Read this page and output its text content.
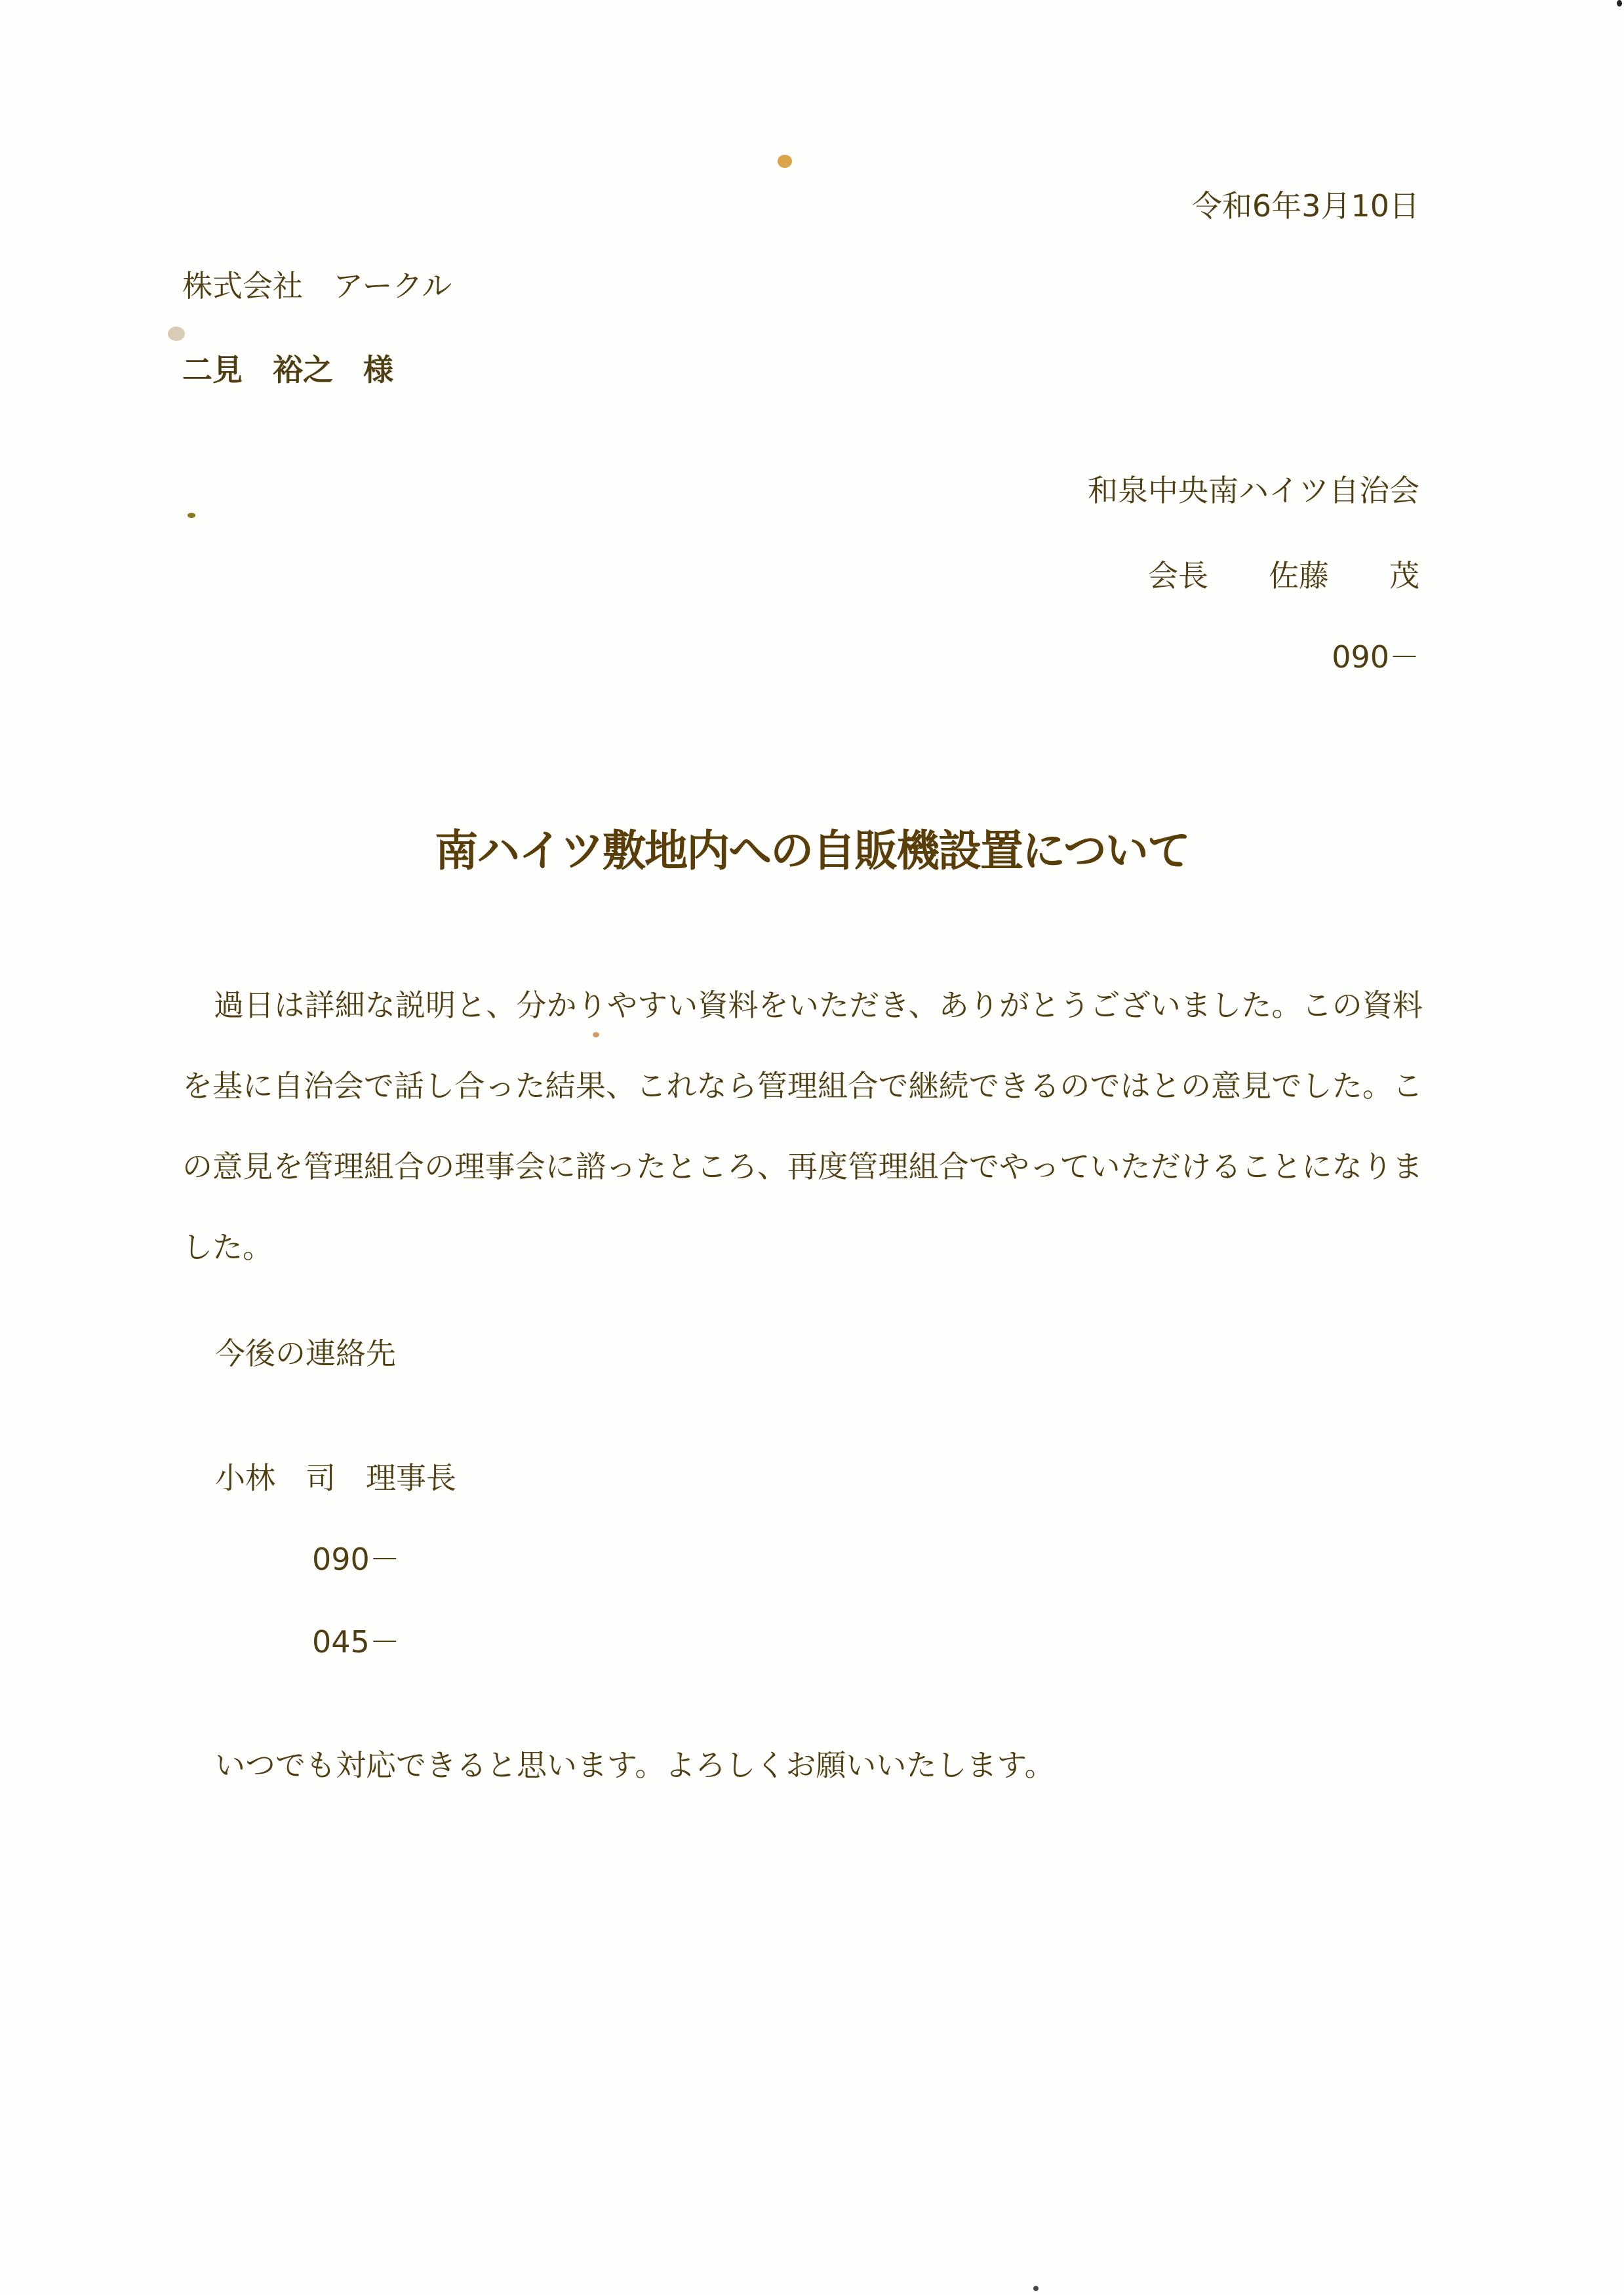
令和6年3月10日
株式会社　アークル
二見　裕之　様
和泉中央南ハイツ自治会
会長　　佐藤　　茂
090－
南ハイツ敷地内への自販機設置について
過日は詳細な説明と、分かりやすい資料をいただき、ありがとうございました。この資料を基に自治会で話し合った結果、これなら管理組合で継続できるのではとの意見でした。この意見を管理組合の理事会に諮ったところ、再度管理組合でやっていただけることになりました。
今後の連絡先
小林　司　理事長
090－
045－
いつでも対応できると思います。よろしくお願いいたします。
